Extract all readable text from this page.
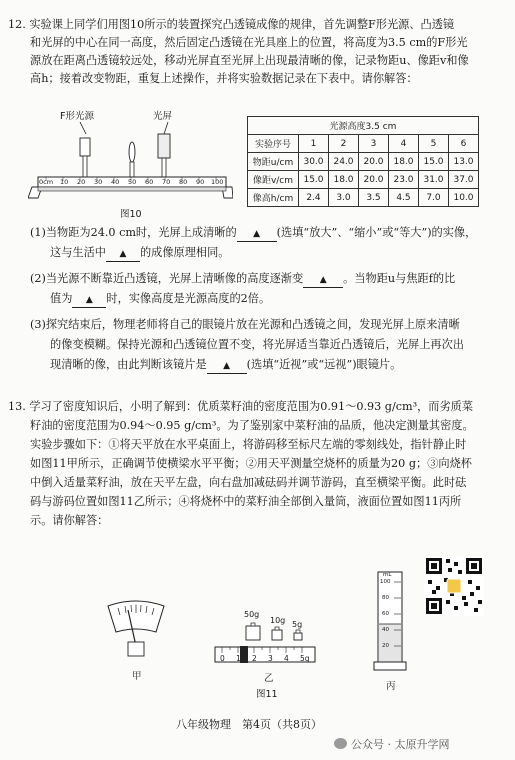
12. 实验课上同学们用图10所示的装置探究凸透镜成像的规律，首先调整F形光源、凸透镜
和光屏的中心在同一高度，然后固定凸透镜在光具座上的位置，将高度为3.5 cm的F形光
源放在距离凸透镜较远处，移动光屏直至光屏上出现最清晰的像，记录物距u、像距v和像
高h；接着改变物距，重复上述操作，并将实验数据记录在下表中。请你解答：
F形光源	光屏
0cm 10 20 30 40 50 60 70 80 90 100
图10
光源高度3.5 cm						
实验序号	1	2	3	4	5	6
物距u/cm	30.0	24.0	20.0	18.0	15.0	13.0
像距v/cm	15.0	18.0	20.0	23.0	31.0	37.0
像高h/cm	2.4	3.0	3.5	4.5	7.0	10.0
(1)当物距为24.0 cm时，光屏上成清晰的 ▲ (选填“放大”、“缩小”或“等大”)的实像，
这与生活中 ▲ 的成像原理相同。
(2)当光源不断靠近凸透镜，光屏上清晰像的高度逐渐变 ▲ 。当物距u与焦距f的比
值为 ▲ 时，实像高度是光源高度的2倍。
(3)探究结束后，物理老师将自己的眼镜片放在光源和凸透镜之间，发现光屏上原来清晰
的像变模糊。保持光源和凸透镜位置不变，将光屏适当靠近凸透镜后，光屏上再次出
现清晰的像，由此判断该镜片是 ▲ (选填“近视”或“远视”)眼镜片。
13. 学习了密度知识后，小明了解到：优质菜籽油的密度范围为0.91～0.93 g/cm³，而劣质菜
籽油的密度范围为0.94～0.95 g/cm³。为了鉴别家中菜籽油的品质，他决定测量其密度。
实验步骤如下：①将天平放在水平桌面上，将游码移至标尺左端的零刻线处，指针静止时
如图11甲所示，正确调节使横梁水平平衡；②用天平测量空烧杯的质量为20 g；③向烧杯
中倒入适量菜籽油，放在天平左盘，向右盘加减砝码并调节游码，直至横梁平衡。此时砝
码与游码位置如图11乙所示；④将烧杯中的菜籽油全部倒入量筒，液面位置如图11丙所
示。请你解答：
甲
50g
10g 5g
0 1 2 3 4 5g
乙
图11
mL
100
80
60
40
20
丙
八年级物理　第4页（共8页）
公众号 · 太原升学网
